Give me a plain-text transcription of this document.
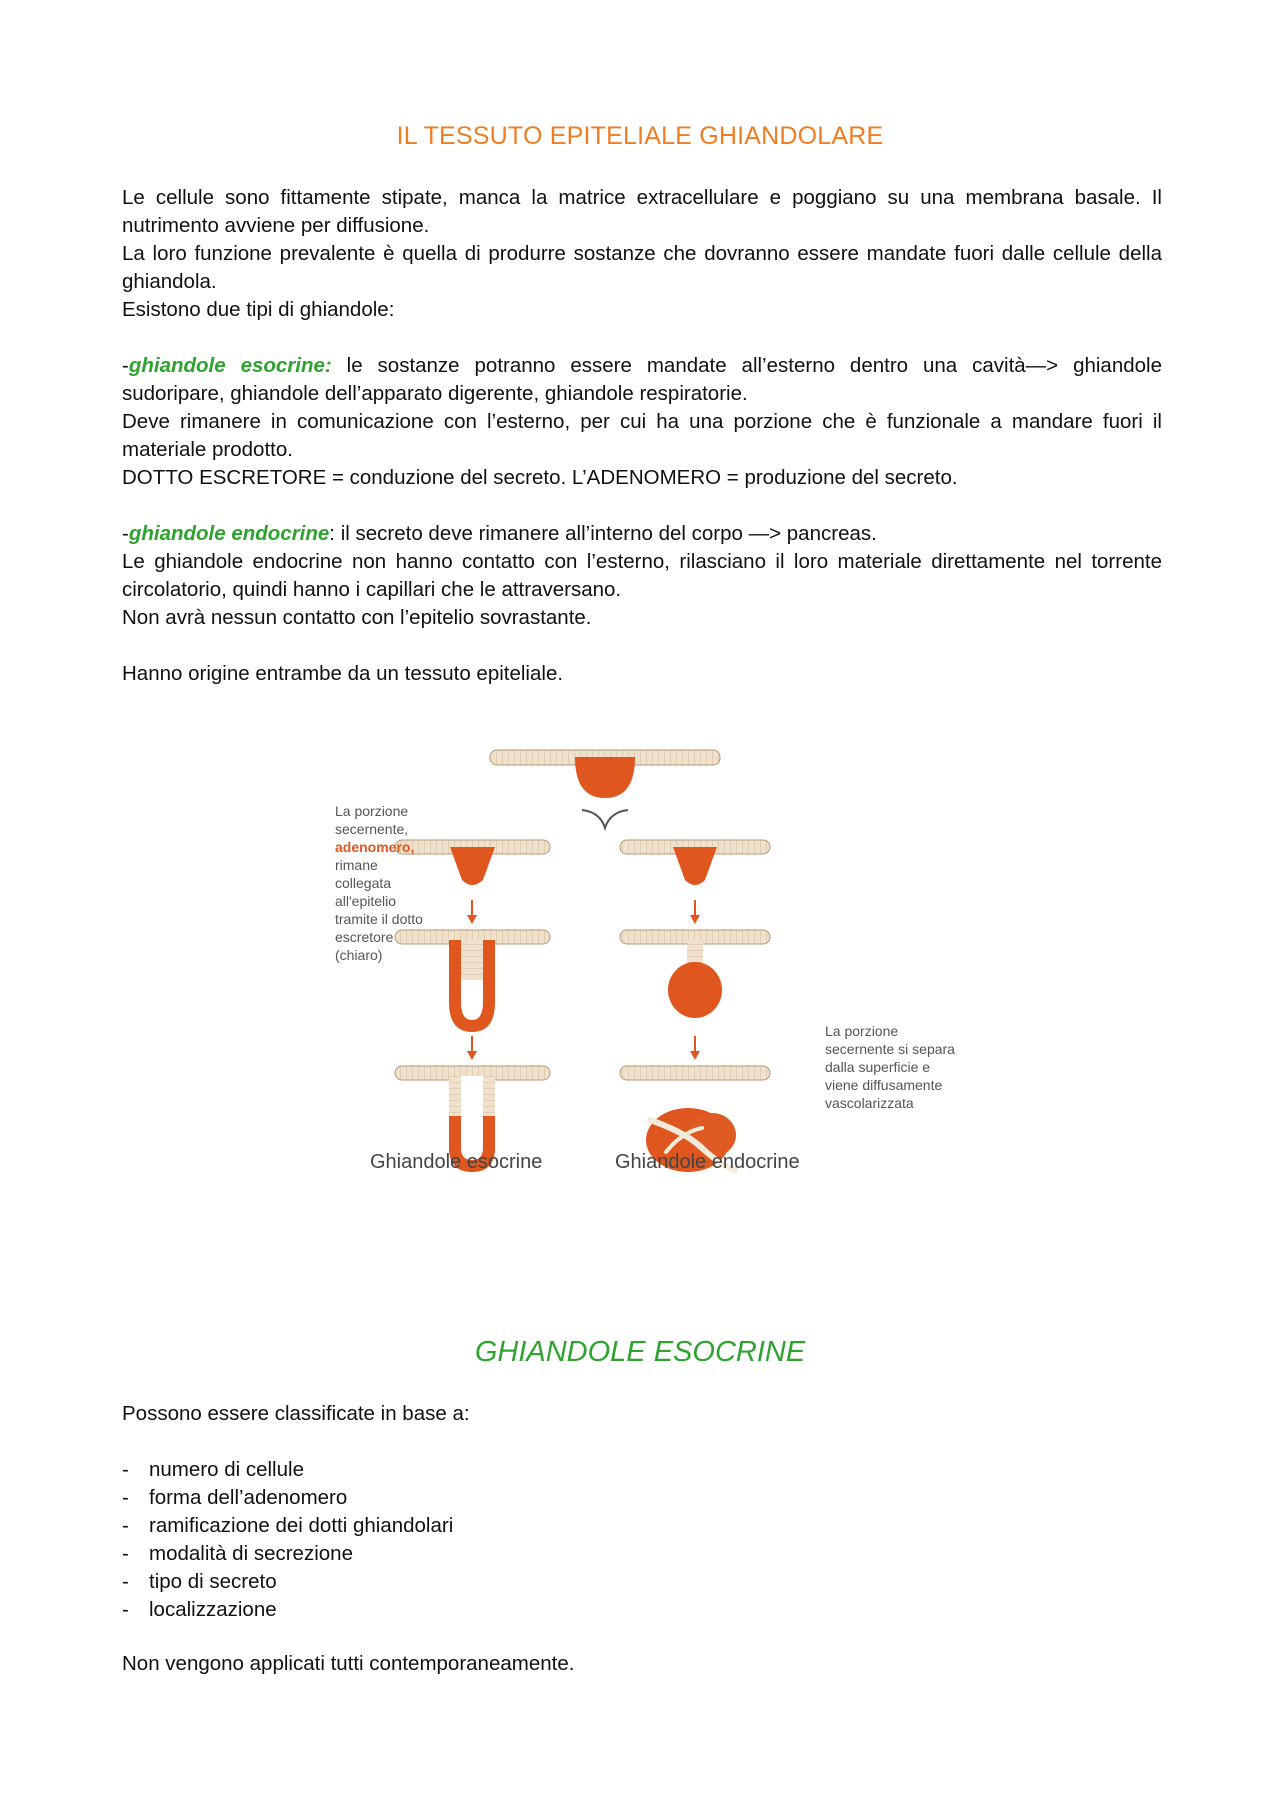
IL TESSUTO EPITELIALE GHIANDOLARE

Le cellule sono fittamente stipate, manca la matrice extracellulare e poggiano su una membrana basale. Il nutrimento avviene per diffusione.

La loro funzione prevalente è quella di produrre sostanze che dovranno essere mandate fuori dalle cellule della ghiandola.

Esistono due tipi di ghiandole:

-ghiandole esocrine: le sostanze potranno essere mandate all’esterno dentro una cavità—> ghiandole sudoripare, ghiandole dell’apparato digerente, ghiandole respiratorie.

Deve rimanere in comunicazione con l’esterno, per cui ha una porzione che è funzionale a mandare fuori il materiale prodotto.

DOTTO ESCRETORE = conduzione del secreto. L’ADENOMERO = produzione del secreto.

-ghiandole endocrine: il secreto deve rimanere all’interno del corpo —> pancreas.

Le ghiandole endocrine non hanno contatto con l’esterno, rilasciano il loro materiale direttamente nel torrente circolatorio, quindi hanno i capillari che le attraversano.

Non avrà nessun contatto con l’epitelio sovrastante.

Hanno origine entrambe da un tessuto epiteliale.

La porzione
secernente,
adenomero,
rimane
collegata
all'epitelio
tramite il dotto
escretore
(chiaro)
La porzione
secernente si separa
dalla superficie e
viene diffusamente
vascolarizzata
Ghiandole esocrine	Ghiandole endocrine
GHIANDOLE ESOCRINE

Possono essere classificate in base a:

- numero di cellule
- forma dell’adenomero
- ramificazione dei dotti ghiandolari
- modalità di secrezione
- tipo di secreto
- localizzazione
Non vengono applicati tutti contemporaneamente.
